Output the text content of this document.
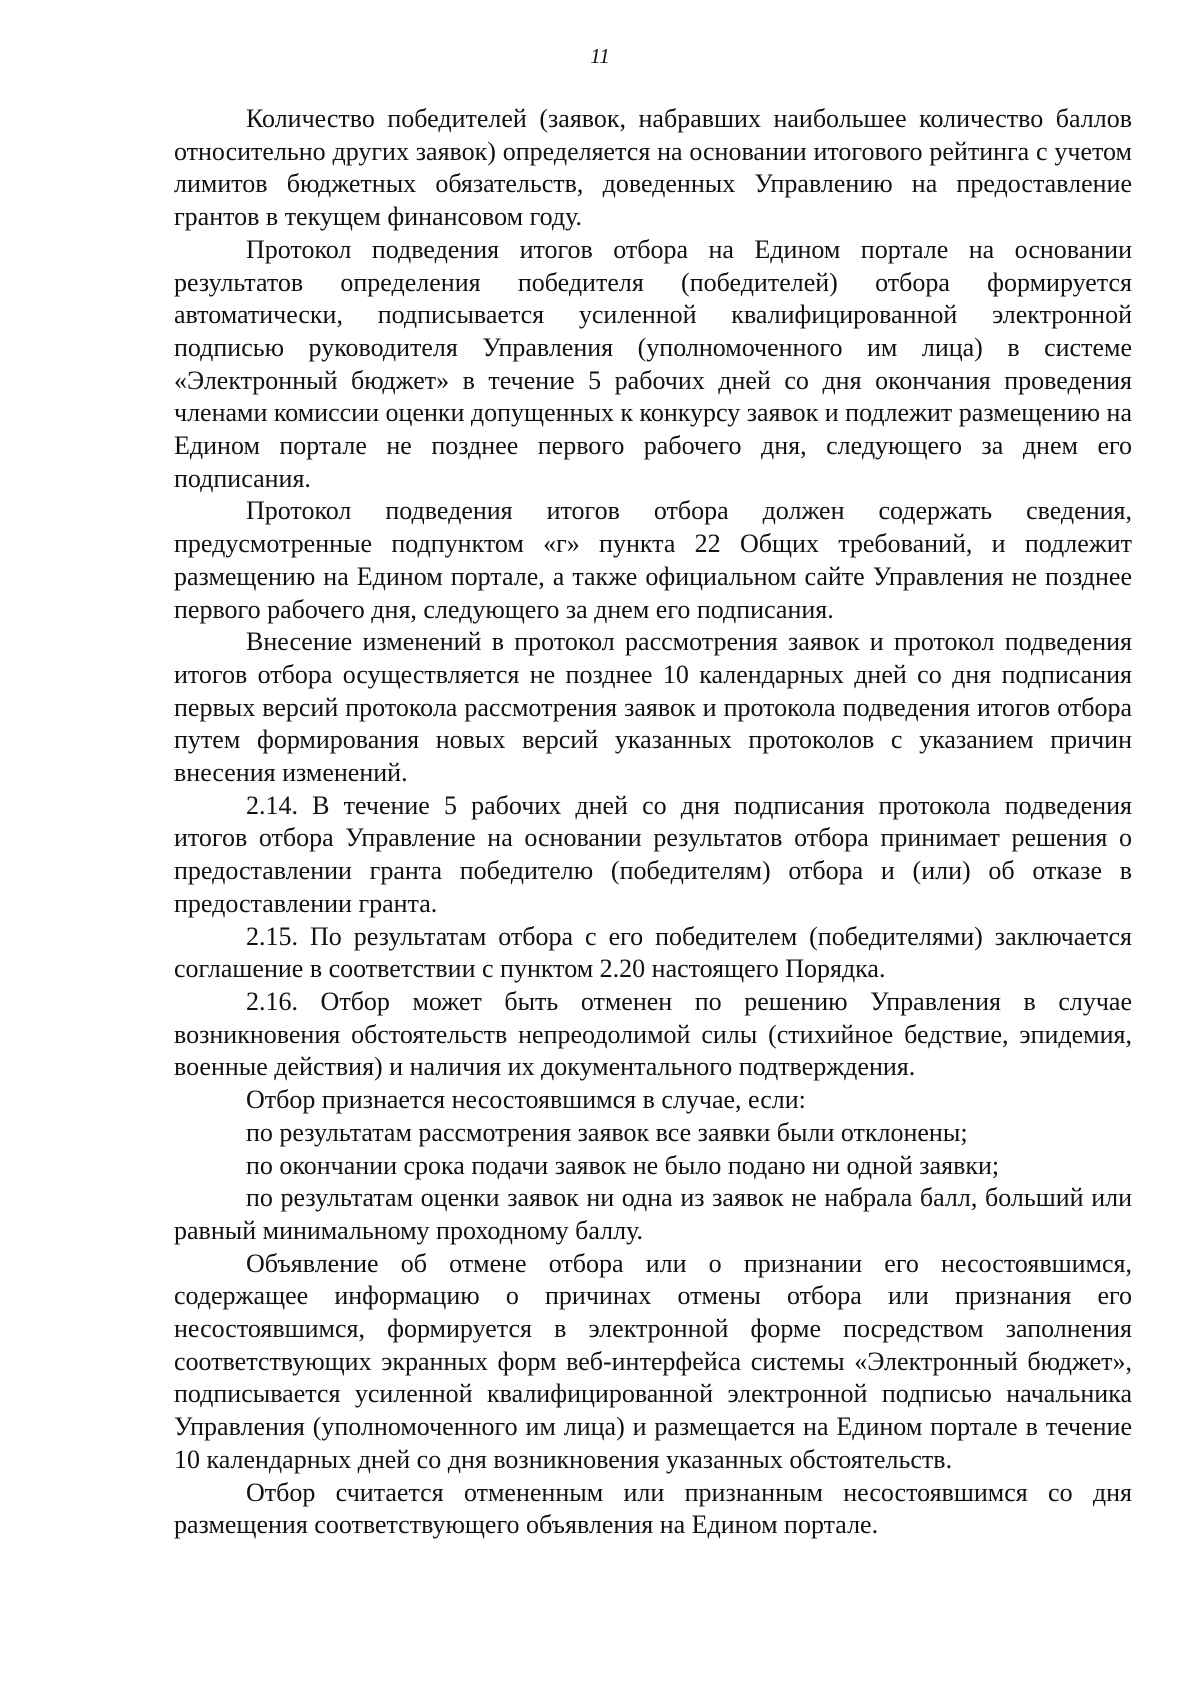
11

Количество победителей (заявок, набравших наибольшее количество баллов относительно других заявок) определяется на основании итогового рейтинга с учетом лимитов бюджетных обязательств, доведенных Управлению на предоставление грантов в текущем финансовом году.

Протокол подведения итогов отбора на Едином портале на основании результатов определения победителя (победителей) отбора формируется автоматически, подписывается усиленной квалифицированной электронной подписью руководителя Управления (уполномоченного им лица) в системе «Электронный бюджет» в течение 5 рабочих дней со дня окончания проведения членами комиссии оценки допущенных к конкурсу заявок и подлежит размещению на Едином портале не позднее первого рабочего дня, следующего за днем его подписания.

Протокол подведения итогов отбора должен содержать сведения, предусмотренные подпунктом «г» пункта 22 Общих требований, и подлежит размещению на Едином портале, а также официальном сайте Управления не позднее первого рабочего дня, следующего за днем его подписания.

Внесение изменений в протокол рассмотрения заявок и протокол подведения итогов отбора осуществляется не позднее 10 календарных дней со дня подписания первых версий протокола рассмотрения заявок и протокола подведения итогов отбора путем формирования новых версий указанных протоколов с указанием причин внесения изменений.

2.14. В течение 5 рабочих дней со дня подписания протокола подведения итогов отбора Управление на основании результатов отбора принимает решения о предоставлении гранта победителю (победителям) отбора и (или) об отказе в предоставлении гранта.

2.15. По результатам отбора с его победителем (победителями) заключается соглашение в соответствии с пунктом 2.20 настоящего Порядка.

2.16. Отбор может быть отменен по решению Управления в случае возникновения обстоятельств непреодолимой силы (стихийное бедствие, эпидемия, военные действия) и наличия их документального подтверждения.

Отбор признается несостоявшимся в случае, если:

по результатам рассмотрения заявок все заявки были отклонены;

по окончании срока подачи заявок не было подано ни одной заявки;

по результатам оценки заявок ни одна из заявок не набрала балл, больший или равный минимальному проходному баллу.

Объявление об отмене отбора или о признании его несостоявшимся, содержащее информацию о причинах отмены отбора или признания его несостоявшимся, формируется в электронной форме посредством заполнения соответствующих экранных форм веб-интерфейса системы «Электронный бюджет», подписывается усиленной квалифицированной электронной подписью начальника Управления (уполномоченного им лица) и размещается на Едином портале в течение 10 календарных дней со дня возникновения указанных обстоятельств.

Отбор считается отмененным или признанным несостоявшимся со дня размещения соответствующего объявления на Едином портале.
